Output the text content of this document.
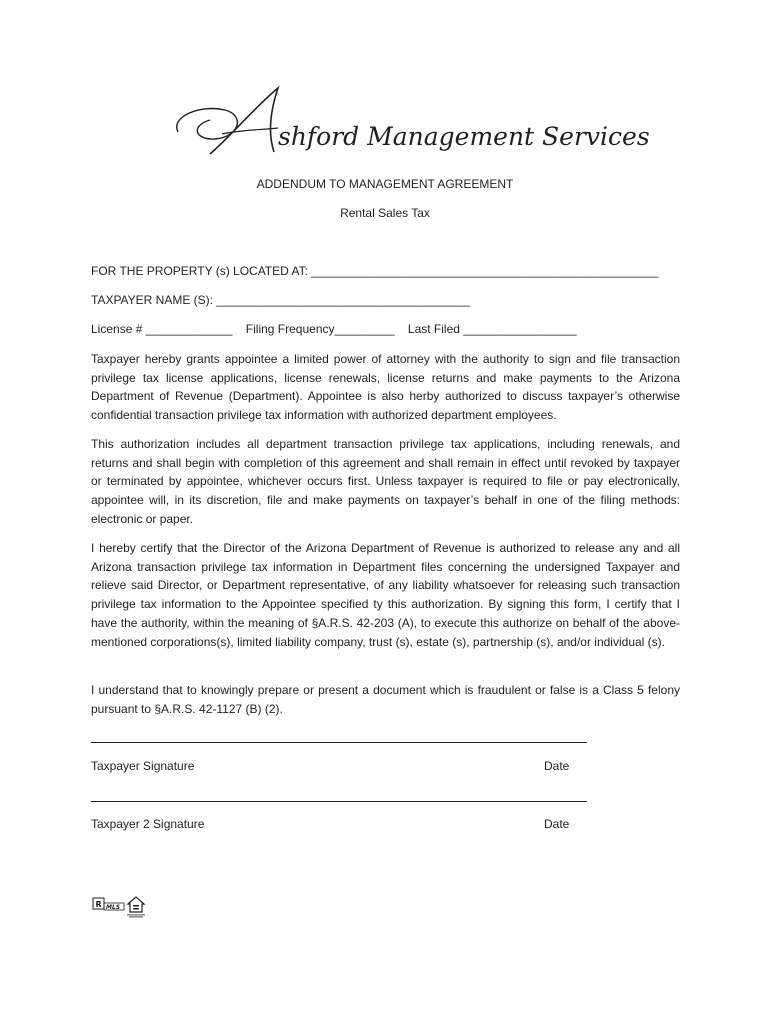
shford Management Services
ADDENDUM TO MANAGEMENT AGREEMENT
Rental Sales Tax
FOR THE PROPERTY (s) LOCATED AT: ____________________________________________________
TAXPAYER NAME (S): ______________________________________
License # _____________    Filing Frequency_________    Last Filed _________________

Taxpayer hereby grants appointee a limited power of attorney with the authority to sign and file transaction privilege tax license applications, license renewals, license returns and make payments to the Arizona Department of Revenue (Department). Appointee is also herby authorized to discuss taxpayer’s otherwise confidential transaction privilege tax information with authorized department employees.

This authorization includes all department transaction privilege tax applications, including renewals, and returns and shall begin with completion of this agreement and shall remain in effect until revoked by taxpayer or terminated by appointee, whichever occurs first. Unless taxpayer is required to file or pay electronically, appointee will, in its discretion, file and make payments on taxpayer’s behalf in one of the filing methods: electronic or paper.

I hereby certify that the Director of the Arizona Department of Revenue is authorized to release any and all Arizona transaction privilege tax information in Department files concerning the undersigned Taxpayer and relieve said Director, or Department representative, of any liability whatsoever for releasing such transaction privilege tax information to the Appointee specified ty this authorization. By signing this form, I certify that I have the authority, within the meaning of §A.R.S. 42-203 (A), to execute this authorize on behalf of the above-mentioned corporations(s), limited liability company, trust (s), estate (s), partnership (s), and/or individual (s).

I understand that to knowingly prepare or present a document which is fraudulent or false is a Class 5 felony pursuant to §A.R.S. 42-1127 (B) (2).

Taxpayer Signature	Date
Taxpayer 2 Signature	Date
R MLS
